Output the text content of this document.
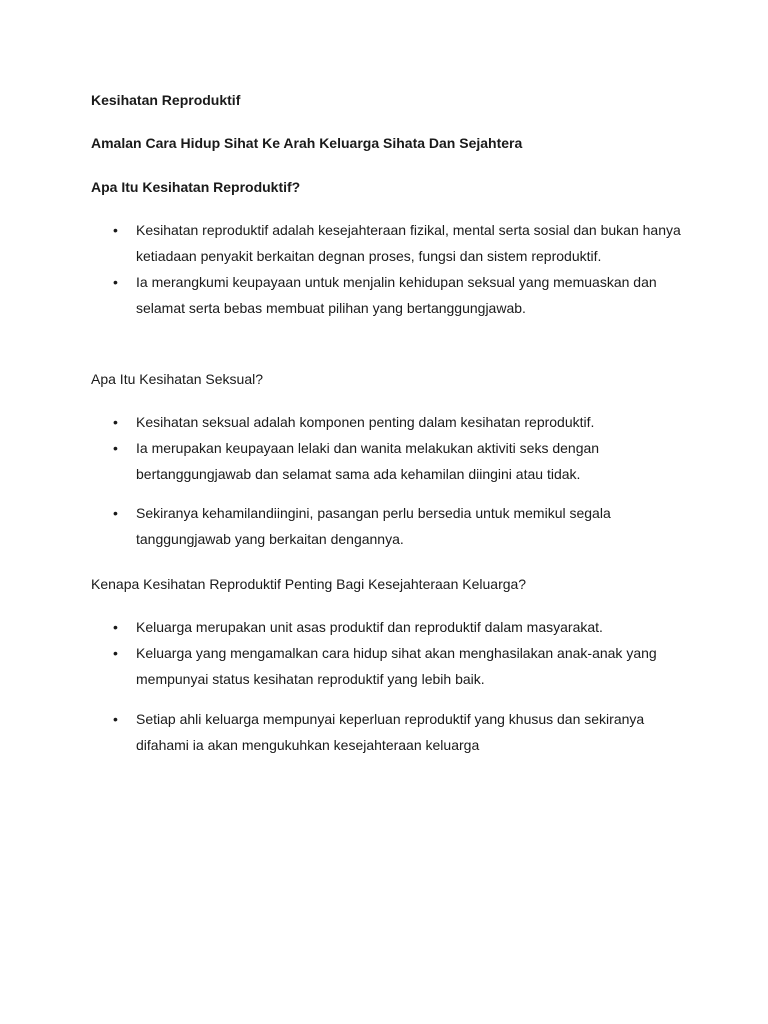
Kesihatan Reproduktif

Amalan Cara Hidup Sihat Ke Arah Keluarga Sihata Dan Sejahtera

Apa Itu Kesihatan Reproduktif?

• Kesihatan reproduktif adalah kesejahteraan fizikal, mental serta sosial dan bukan hanya ketiadaan penyakit berkaitan degnan proses, fungsi dan sistem reproduktif.
• Ia merangkumi keupayaan untuk menjalin kehidupan seksual yang memuaskan dan selamat serta bebas membuat pilihan yang bertanggungjawab.

Apa Itu Kesihatan Seksual?

• Kesihatan seksual adalah komponen penting dalam kesihatan reproduktif.
• Ia merupakan keupayaan lelaki dan wanita melakukan aktiviti seks dengan bertanggungjawab dan selamat sama ada kehamilan diingini atau tidak.
• Sekiranya kehamilandiingini, pasangan perlu bersedia untuk memikul segala tanggungjawab yang berkaitan dengannya.

Kenapa Kesihatan Reproduktif Penting Bagi Kesejahteraan Keluarga?

• Keluarga merupakan unit asas produktif dan reproduktif dalam masyarakat.
• Keluarga yang mengamalkan cara hidup sihat akan menghasilakan anak-anak yang mempunyai status kesihatan reproduktif yang lebih baik.
• Setiap ahli keluarga mempunyai keperluan reproduktif yang khusus dan sekiranya difahami ia akan mengukuhkan kesejahteraan keluarga
